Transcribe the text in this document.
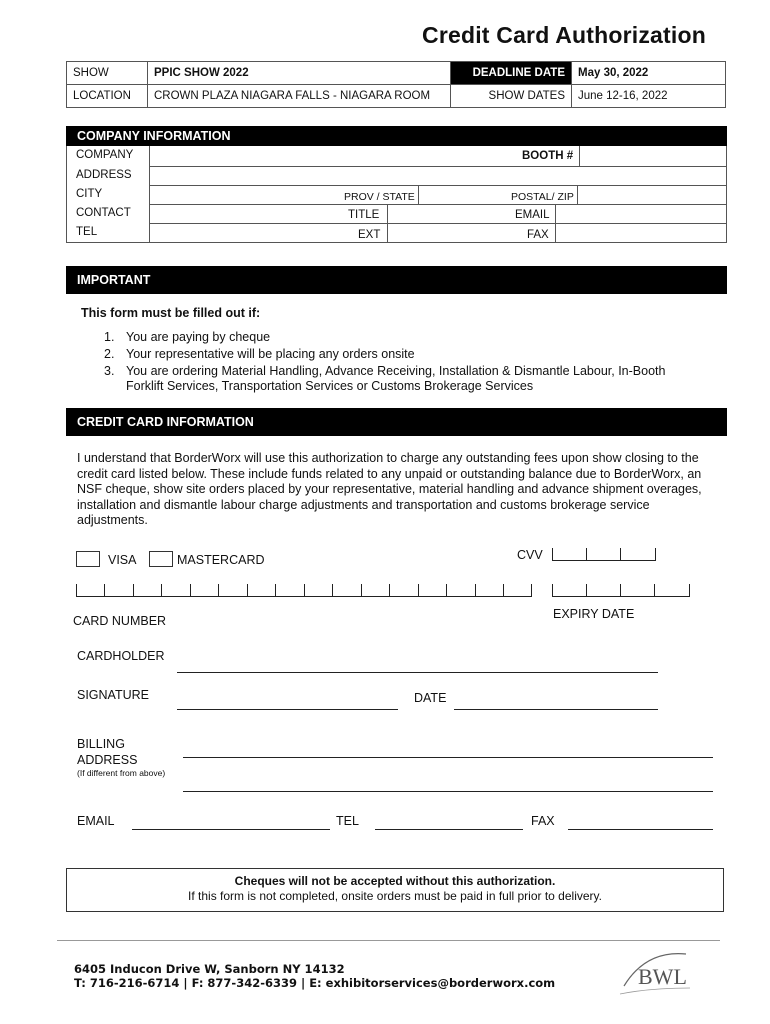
Credit Card Authorization
SHOW	PPIC SHOW 2022	DEADLINE DATE	May 30, 2022
LOCATION	CROWN PLAZA NIAGARA FALLS - NIAGARA ROOM	SHOW DATES	June 12-16, 2022
COMPANY INFORMATION
COMPANY	BOOTH #
ADDRESS
CITY	PROV / STATE	POSTAL/ ZIP
CONTACT	TITLE	EMAIL
TEL	EXT	FAX
IMPORTANT
This form must be filled out if:
1. You are paying by cheque
2. Your representative will be placing any orders onsite
3. You are ordering Material Handling, Advance Receiving, Installation & Dismantle Labour, In-Booth
Forklift Services, Transportation Services or Customs Brokerage Services
CREDIT CARD INFORMATION
I understand that BorderWorx will use this authorization to charge any outstanding fees upon show closing to the
credit card listed below. These include funds related to any unpaid or outstanding balance due to BorderWorx, an
NSF cheque, show site orders placed by your representative, material handling and advance shipment overages,
installation and dismantle labour charge adjustments and transportation and customs brokerage service
adjustments.
VISA	MASTERCARD	CVV
CARD NUMBER	EXPIRY DATE
CARDHOLDER
SIGNATURE	DATE
BILLING
ADDRESS
(If different from above)
EMAIL	TEL	FAX
Cheques will not be accepted without this authorization.
If this form is not completed, onsite orders must be paid in full prior to delivery.
6405 Inducon Drive W, Sanborn NY 14132
T: 716-216-6714 | F: 877-342-6339 | E: exhibitorservices@borderworx.com	BWL
